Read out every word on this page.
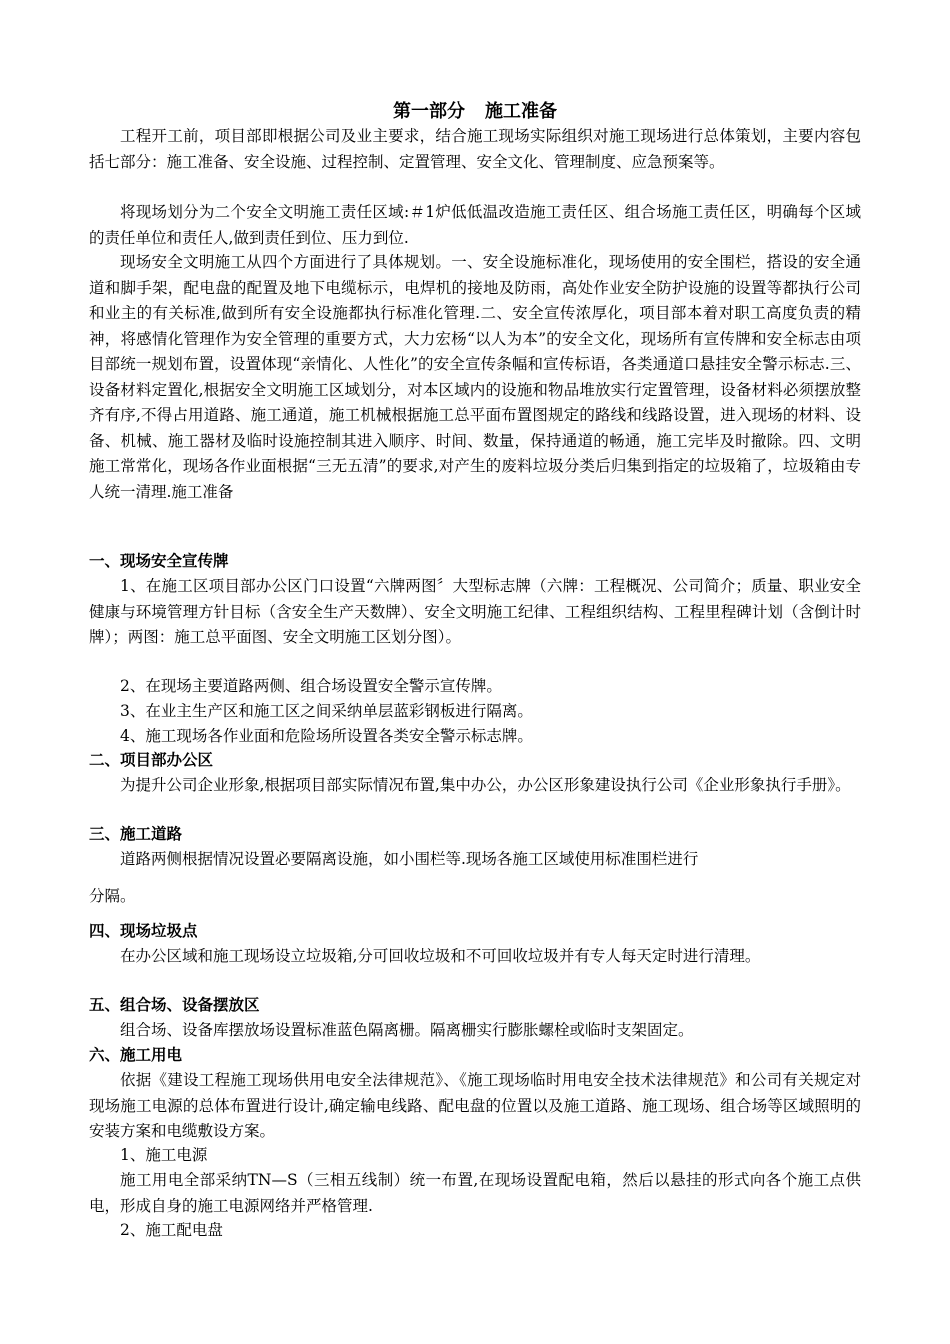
第一部分 施工准备

工程开工前，项目部即根据公司及业主要求，结合施工现场实际组织对施工现场进行总体策划，主要内容包括七部分：施工准备、安全设施、过程控制、定置管理、安全文化、管理制度、应急预案等。

将现场划分为二个安全文明施工责任区域:＃1炉低低温改造施工责任区、组合场施工责任区，明确每个区域的责任单位和责任人,做到责任到位、压力到位.

现场安全文明施工从四个方面进行了具体规划。一、安全设施标准化，现场使用的安全围栏，搭设的安全通道和脚手架，配电盘的配置及地下电缆标示，电焊机的接地及防雨，高处作业安全防护设施的设置等都执行公司和业主的有关标准,做到所有安全设施都执行标准化管理.二、安全宣传浓厚化，项目部本着对职工高度负责的精神，将感情化管理作为安全管理的重要方式，大力宏杨“以人为本”的安全文化，现场所有宣传牌和安全标志由项目部统一规划布置，设置体现“亲情化、人性化”的安全宣传条幅和宣传标语，各类通道口悬挂安全警示标志.三、设备材料定置化,根据安全文明施工区域划分，对本区域内的设施和物品堆放实行定置管理，设备材料必须摆放整齐有序,不得占用道路、施工通道，施工机械根据施工总平面布置图规定的路线和线路设置，进入现场的材料、设备、机械、施工器材及临时设施控制其进入顺序、时间、数量，保持通道的畅通，施工完毕及时撤除。四、文明施工常常化，现场各作业面根据“三无五清”的要求,对产生的废料垃圾分类后归集到指定的垃圾箱了，垃圾箱由专人统一清理.施工准备

一、现场安全宣传牌

1、在施工区项目部办公区门口设置“六牌两图〞大型标志牌（六牌：工程概况、公司简介；质量、职业安全健康与环境管理方针目标（含安全生产天数牌）、安全文明施工纪律、工程组织结构、工程里程碑计划（含倒计时牌）；两图：施工总平面图、安全文明施工区划分图）。

2、在现场主要道路两侧、组合场设置安全警示宣传牌。

3、在业主生产区和施工区之间采纳单层蓝彩钢板进行隔离。

4、施工现场各作业面和危险场所设置各类安全警示标志牌。

二、项目部办公区

为提升公司企业形象,根据项目部实际情况布置,集中办公，办公区形象建设执行公司《企业形象执行手册》。

三、施工道路

道路两侧根据情况设置必要隔离设施，如小围栏等.现场各施工区域使用标准围栏进行

分隔。

四、现场垃圾点

在办公区域和施工现场设立垃圾箱,分可回收垃圾和不可回收垃圾并有专人每天定时进行清理。

五、组合场、设备摆放区

组合场、设备库摆放场设置标准蓝色隔离栅。隔离栅实行膨胀螺栓或临时支架固定。

六、施工用电

依据《建设工程施工现场供用电安全法律规范》、《施工现场临时用电安全技术法律规范》和公司有关规定对现场施工电源的总体布置进行设计,确定输电线路、配电盘的位置以及施工道路、施工现场、组合场等区域照明的安装方案和电缆敷设方案。

1、施工电源

施工用电全部采纳TN—S（三相五线制）统一布置,在现场设置配电箱，然后以悬挂的形式向各个施工点供电，形成自身的施工电源网络并严格管理.

2、施工配电盘
